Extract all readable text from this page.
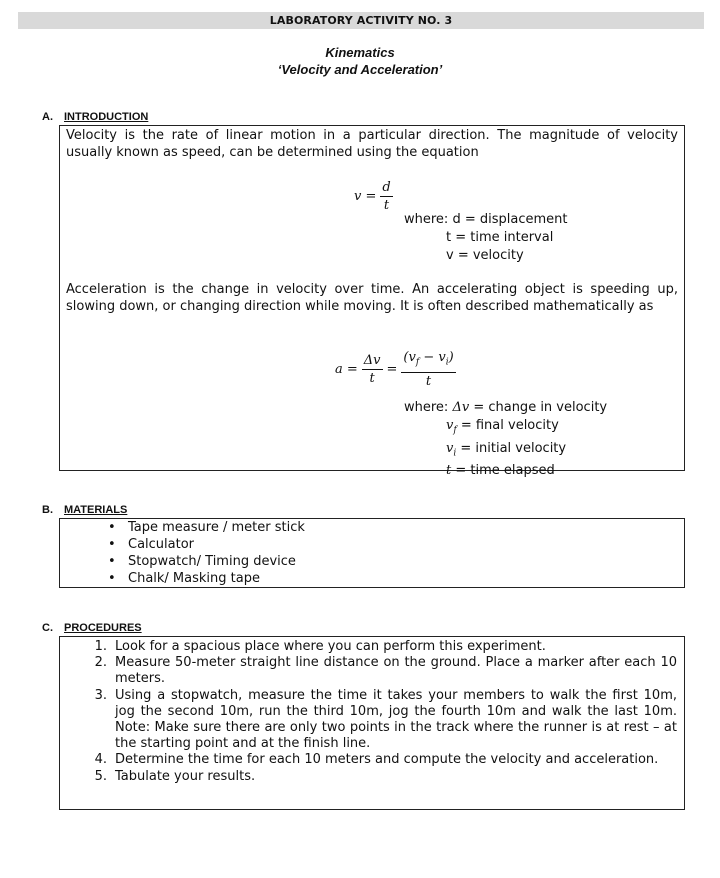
LABORATORY ACTIVITY NO. 3
Kinematics
‘Velocity and Acceleration’
A. INTRODUCTION

Velocity is the rate of linear motion in a particular direction. The magnitude of velocity usually known as speed, can be determined using the equation

$v = \frac{d}{t}$
where: d = displacement
t = time interval
v = velocity

Acceleration is the change in velocity over time. An accelerating object is speeding up, slowing down, or changing direction while moving. It is often described mathematically as

$a = \frac{\Delta v}{t} = \frac{(v_f - v_i)}{t}$
where: Δv = change in velocity
$v_f$ = final velocity
$v_i$ = initial velocity
t = time elapsed
B. MATERIALS
• Tape measure / meter stick
• Calculator
• Stopwatch/ Timing device
• Chalk/ Masking tape
C. PROCEDURES
1. Look for a spacious place where you can perform this experiment.
2. Measure 50-meter straight line distance on the ground. Place a marker after each 10 meters.
3. Using a stopwatch, measure the time it takes your members to walk the first 10m, jog the second 10m, run the third 10m, jog the fourth 10m and walk the last 10m. Note: Make sure there are only two points in the track where the runner is at rest – at the starting point and at the finish line.
4. Determine the time for each 10 meters and compute the velocity and acceleration.
5. Tabulate your results.
